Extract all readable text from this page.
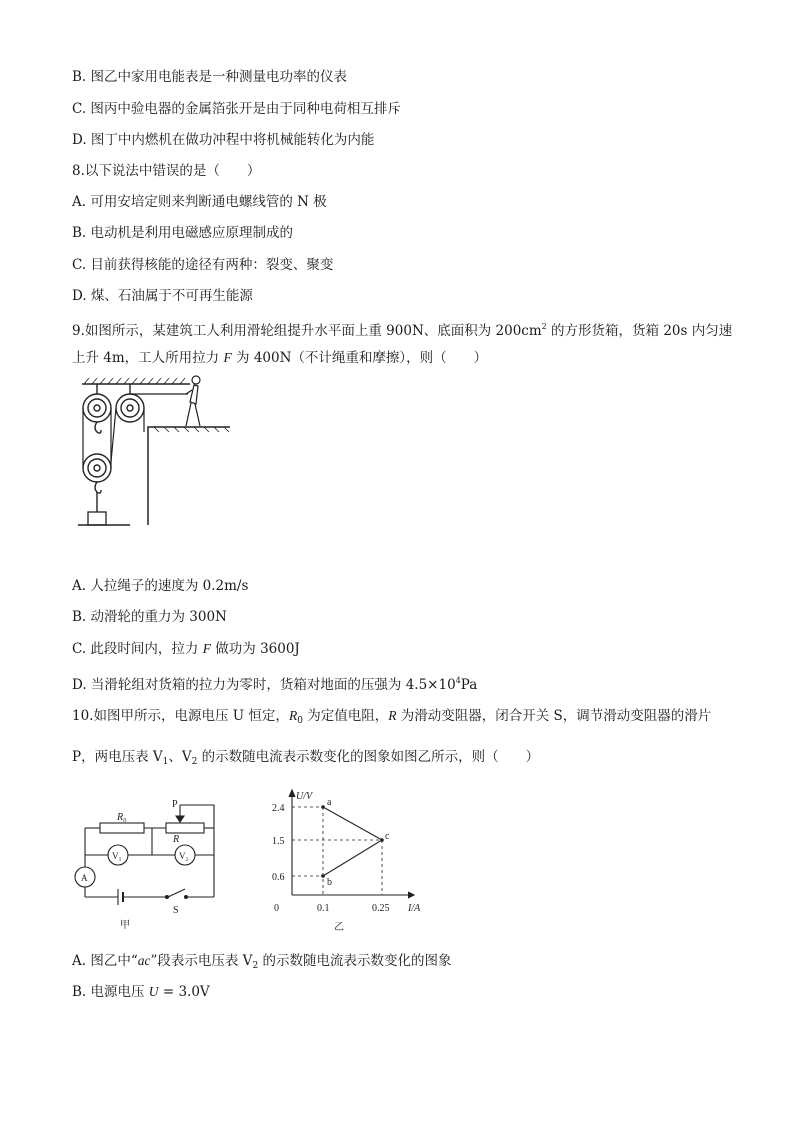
B. 图乙中家用电能表是一种测量电功率的仪表
C. 图丙中验电器的金属箔张开是由于同种电荷相互排斥
D. 图丁中内燃机在做功冲程中将机械能转化为内能
8.以下说法中错误的是（　　）
A. 可用安培定则来判断通电螺线管的 N 极
B. 电动机是利用电磁感应原理制成的
C. 目前获得核能的途径有两种：裂变、聚变
D. 煤、石油属于不可再生能源
9.如图所示，某建筑工人利用滑轮组提升水平面上重 900N、底面积为 $200cm^2$ 的方形货箱，货箱 20s 内匀速
上升 4m，工人所用拉力 F 为 400N（不计绳重和摩擦），则（　　）
A. 人拉绳子的速度为 0.2m/s
B. 动滑轮的重力为 300N
C. 此段时间内，拉力 F 做功为 3600J
D. 当滑轮组对货箱的拉力为零时，货箱对地面的压强为 $4.5\times 10^4Pa$
10.如图甲所示，电源电压 U 恒定，$R_0$ 为定值电阻，R 为滑动变阻器，闭合开关 S，调节滑动变阻器的滑片
P，两电压表 $V_1$、$V_2$ 的示数随电流表示数变化的图象如图乙所示，则（　　）
R₀
R
P
V₁	V₂
A
S
甲
U/V
I/A
2.4
1.5
0.6
0	0.1	0.25
a
b
c
乙
A. 图乙中“ac”段表示电压表 $V_2$ 的示数随电流表示数变化的图象
B. 电源电压 U = 3.0V
